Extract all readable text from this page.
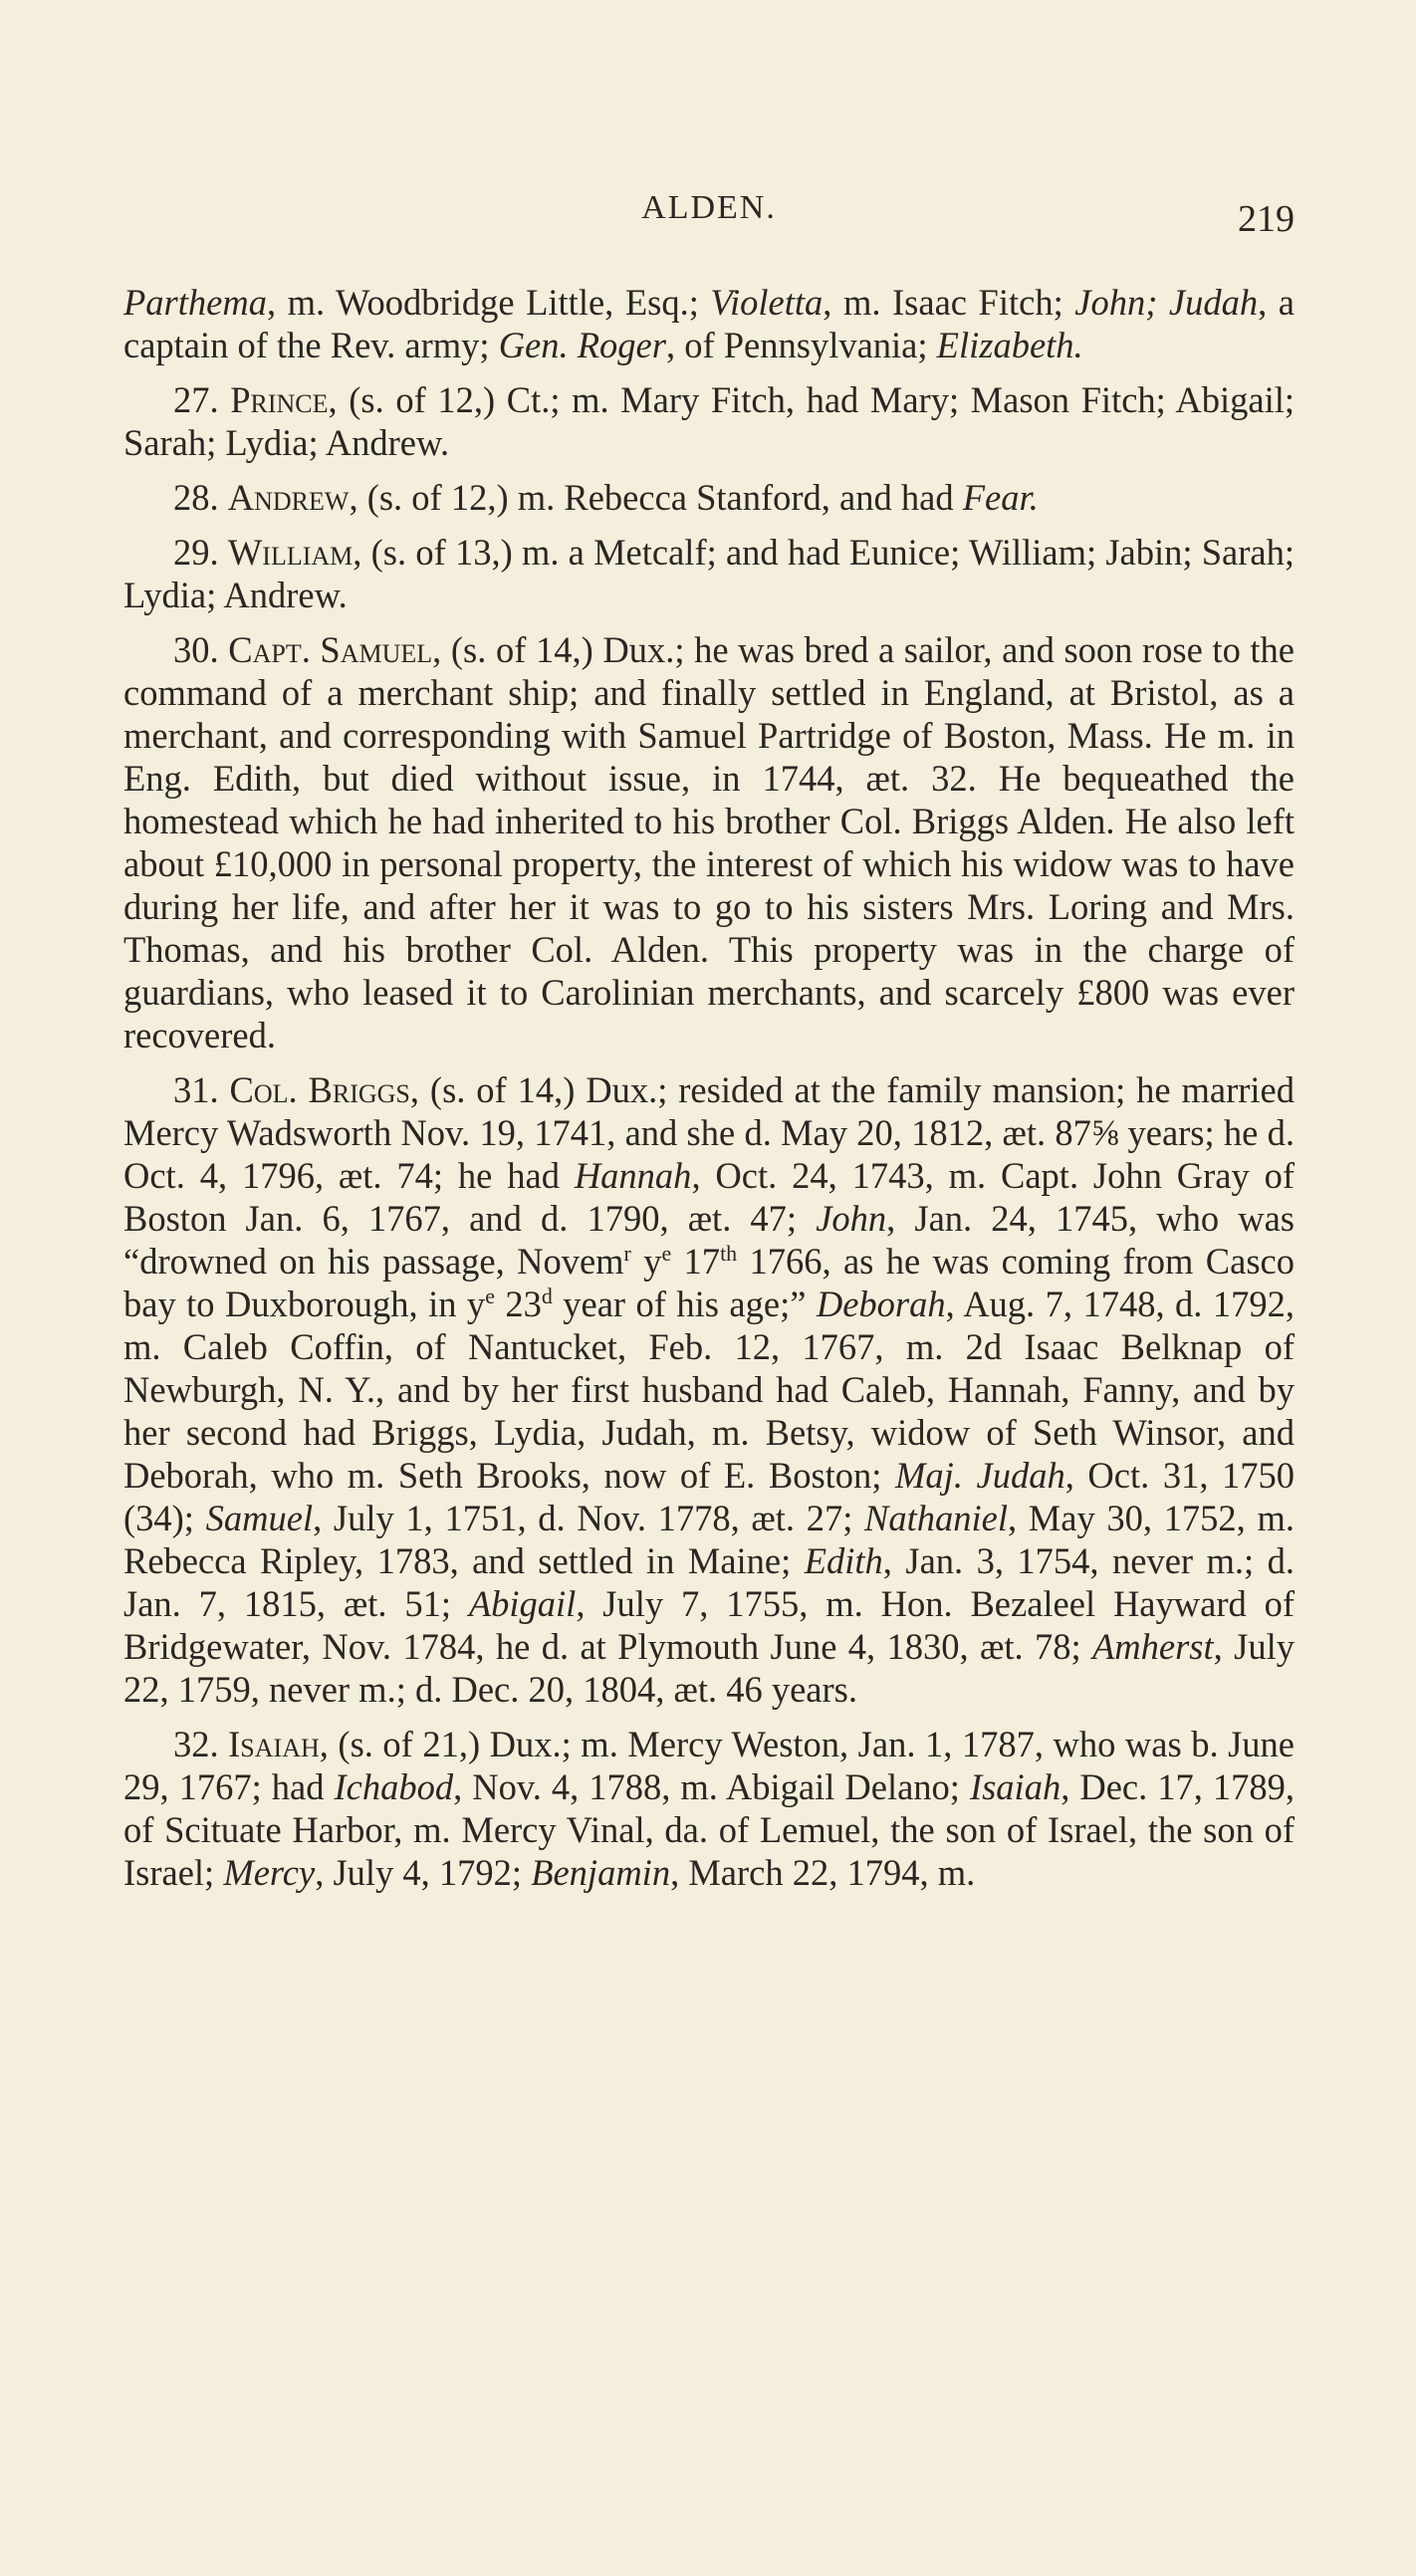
ALDEN.	219

Parthema, m. Woodbridge Little, Esq.; Violetta, m. Isaac Fitch; John; Judah, a captain of the Rev. army; Gen. Roger, of Pennsylvania; Elizabeth.

27. Prince, (s. of 12,) Ct.; m. Mary Fitch, had Mary; Mason Fitch; Abigail; Sarah; Lydia; Andrew.

28. Andrew, (s. of 12,) m. Rebecca Stanford, and had Fear.

29. William, (s. of 13,) m. a Metcalf; and had Eunice; William; Jabin; Sarah; Lydia; Andrew.

30. Capt. Samuel, (s. of 14,) Dux.; he was bred a sailor, and soon rose to the command of a merchant ship; and finally settled in England, at Bristol, as a merchant, and corresponding with Samuel Partridge of Boston, Mass. He m. in Eng. Edith, but died without issue, in 1744, æt. 32. He bequeathed the homestead which he had inherited to his brother Col. Briggs Alden. He also left about £10,000 in personal property, the interest of which his widow was to have during her life, and after her it was to go to his sisters Mrs. Loring and Mrs. Thomas, and his brother Col. Alden. This property was in the charge of guardians, who leased it to Carolinian merchants, and scarcely £800 was ever recovered.

31. Col. Briggs, (s. of 14,) Dux.; resided at the family mansion; he married Mercy Wadsworth Nov. 19, 1741, and she d. May 20, 1812, æt. 87⅝ years; he d. Oct. 4, 1796, æt. 74; he had Hannah, Oct. 24, 1743, m. Capt. John Gray of Boston Jan. 6, 1767, and d. 1790, æt. 47; John, Jan. 24, 1745, who was “drowned on his passage, Novem$^r$ $y^e$ 17th 1766, as he was coming from Casco bay to Duxborough, in $y^e$ 23$^d$ year of his age;” Deborah, Aug. 7, 1748, d. 1792, m. Caleb Coffin, of Nantucket, Feb. 12, 1767, m. 2d Isaac Belknap of Newburgh, N. Y., and by her first husband had Caleb, Hannah, Fanny, and by her second had Briggs, Lydia, Judah, m. Betsy, widow of Seth Winsor, and Deborah, who m. Seth Brooks, now of E. Boston; Maj. Judah, Oct. 31, 1750 (34); Samuel, July 1, 1751, d. Nov. 1778, æt. 27; Nathaniel, May 30, 1752, m. Rebecca Ripley, 1783, and settled in Maine; Edith, Jan. 3, 1754, never m.; d. Jan. 7, 1815, æt. 51; Abigail, July 7, 1755, m. Hon. Bezaleel Hayward of Bridgewater, Nov. 1784, he d. at Plymouth June 4, 1830, æt. 78; Amherst, July 22, 1759, never m.; d. Dec. 20, 1804, æt. 46 years.

32. Isaiah, (s. of 21,) Dux.; m. Mercy Weston, Jan. 1, 1787, who was b. June 29, 1767; had Ichabod, Nov. 4, 1788, m. Abigail Delano; Isaiah, Dec. 17, 1789, of Scituate Harbor, m. Mercy Vinal, da. of Lemuel, the son of Israel, the son of Israel; Mercy, July 4, 1792; Benjamin, March 22, 1794, m.
